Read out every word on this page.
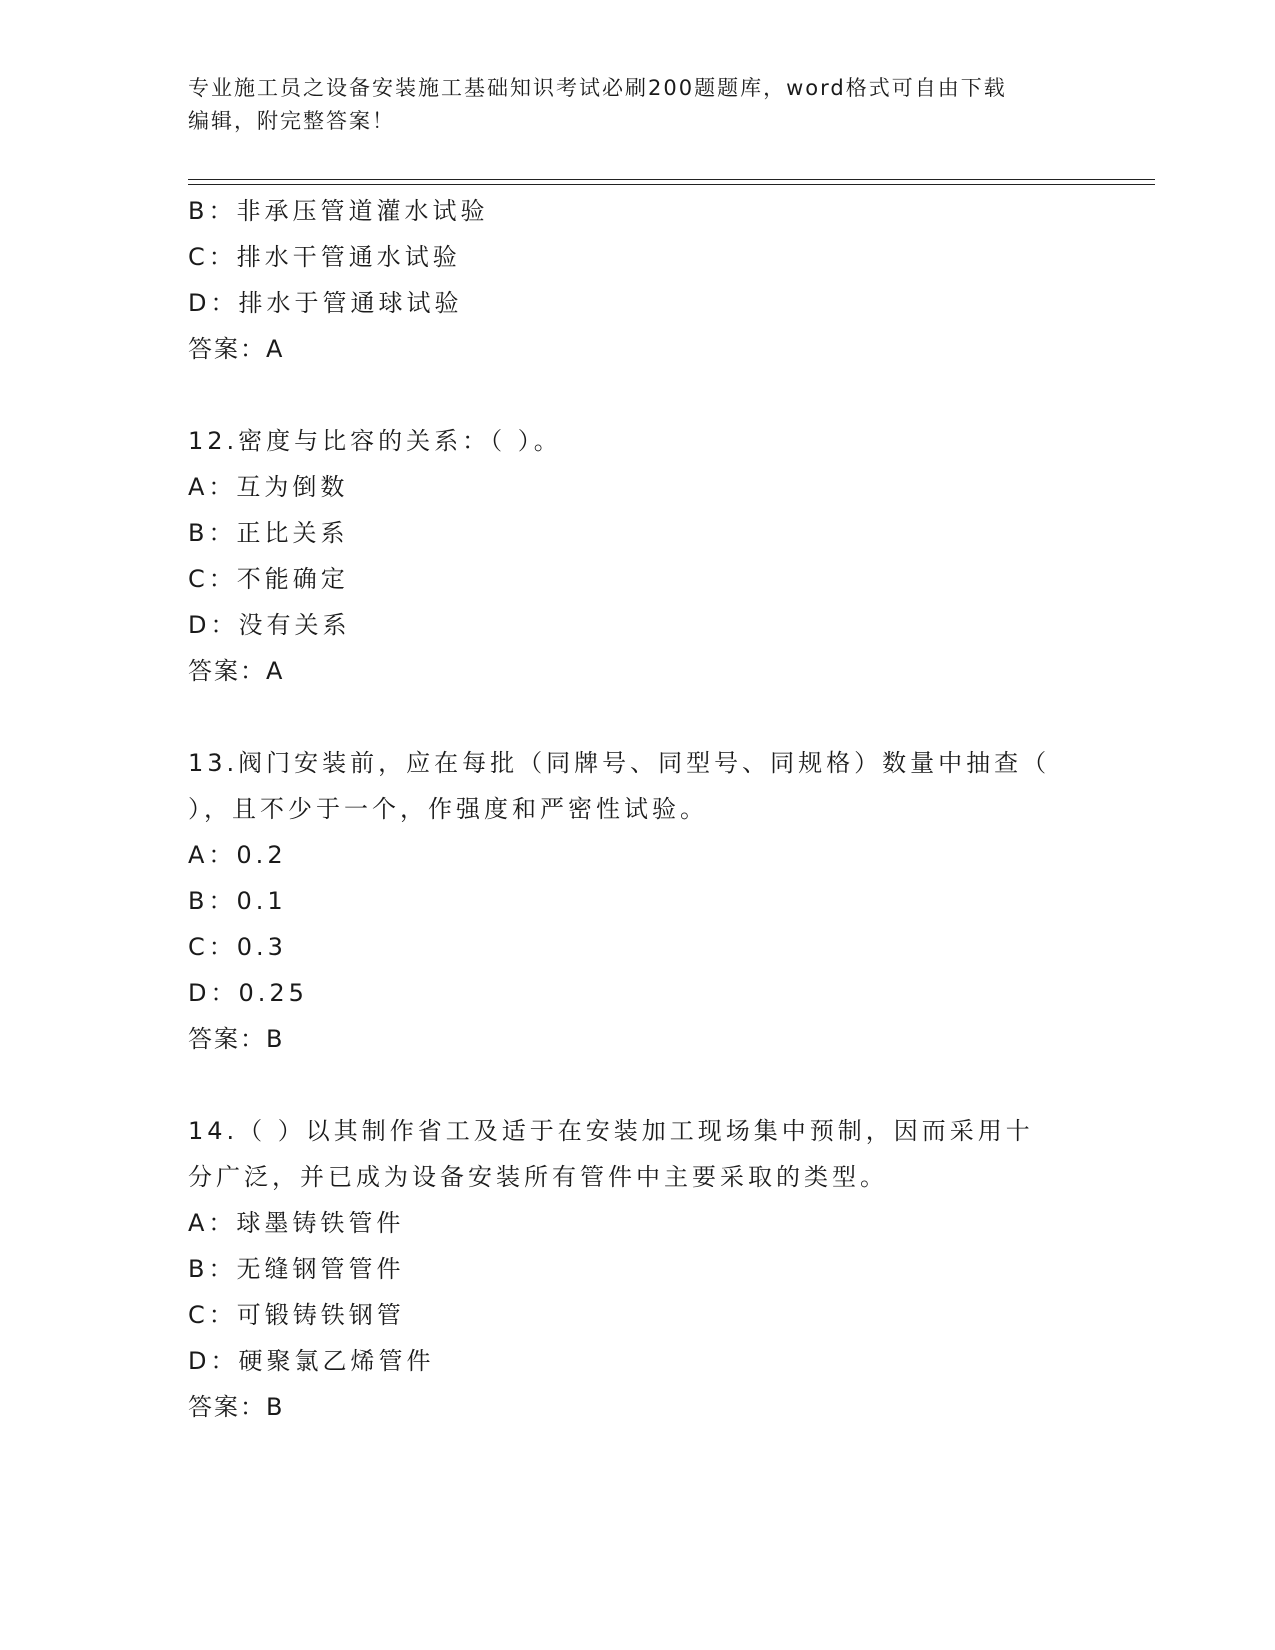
专业施工员之设备安装施工基础知识考试必刷200题题库，word格式可自由下载
编辑，附完整答案！
B：非承压管道灌水试验
C：排水干管通水试验
D：排水于管通球试验
答案：A
12.密度与比容的关系：（ ）。
A：互为倒数
B：正比关系
C：不能确定
D：没有关系
答案：A
13.阀门安装前，应在每批（同牌号、同型号、同规格）数量中抽查（
），且不少于一个，作强度和严密性试验。
A：0.2
B：0.1
C：0.3
D：0.25
答案：B
14.（ ）以其制作省工及适于在安装加工现场集中预制，因而采用十
分广泛，并已成为设备安装所有管件中主要采取的类型。
A：球墨铸铁管件
B：无缝钢管管件
C：可锻铸铁钢管
D：硬聚氯乙烯管件
答案：B
